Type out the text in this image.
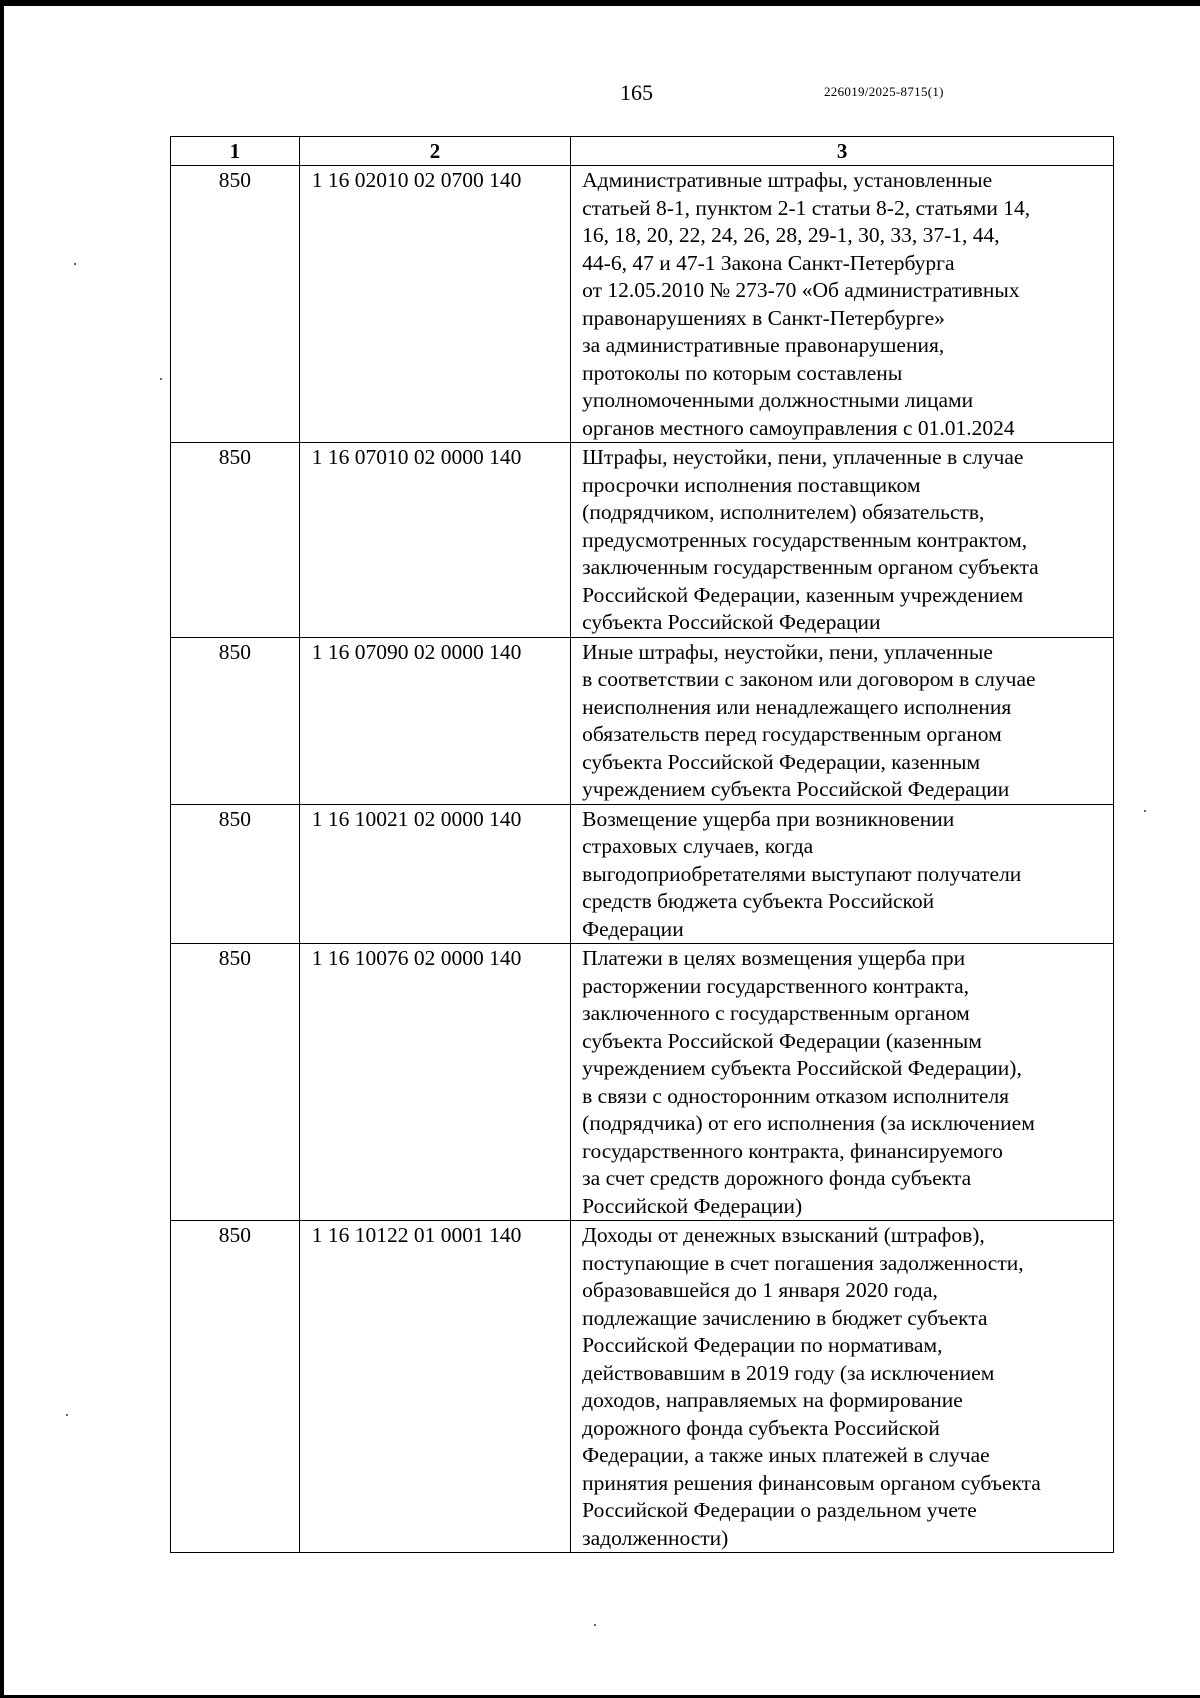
165	226019/2025-8715(1)
1	2	3
850	1 16 02010 02 0700 140	Административные штрафы, установленные
статьей 8-1, пунктом 2-1 статьи 8-2, статьями 14,
16, 18, 20, 22, 24, 26, 28, 29-1, 30, 33, 37-1, 44,
44-6, 47 и 47-1 Закона Санкт-Петербурга
от 12.05.2010 № 273-70 «Об административных
правонарушениях в Санкт-Петербурге»
за административные правонарушения,
протоколы по которым составлены
уполномоченными должностными лицами
органов местного самоуправления с 01.01.2024
850	1 16 07010 02 0000 140	Штрафы, неустойки, пени, уплаченные в случае
просрочки исполнения поставщиком
(подрядчиком, исполнителем) обязательств,
предусмотренных государственным контрактом,
заключенным государственным органом субъекта
Российской Федерации, казенным учреждением
субъекта Российской Федерации
850	1 16 07090 02 0000 140	Иные штрафы, неустойки, пени, уплаченные
в соответствии с законом или договором в случае
неисполнения или ненадлежащего исполнения
обязательств перед государственным органом
субъекта Российской Федерации, казенным
учреждением субъекта Российской Федерации
850	1 16 10021 02 0000 140	Возмещение ущерба при возникновении
страховых случаев, когда
выгодоприобретателями выступают получатели
средств бюджета субъекта Российской
Федерации
850	1 16 10076 02 0000 140	Платежи в целях возмещения ущерба при
расторжении государственного контракта,
заключенного с государственным органом
субъекта Российской Федерации (казенным
учреждением субъекта Российской Федерации),
в связи с односторонним отказом исполнителя
(подрядчика) от его исполнения (за исключением
государственного контракта, финансируемого
за счет средств дорожного фонда субъекта
Российской Федерации)
850	1 16 10122 01 0001 140	Доходы от денежных взысканий (штрафов),
поступающие в счет погашения задолженности,
образовавшейся до 1 января 2020 года,
подлежащие зачислению в бюджет субъекта
Российской Федерации по нормативам,
действовавшим в 2019 году (за исключением
доходов, направляемых на формирование
дорожного фонда субъекта Российской
Федерации, а также иных платежей в случае
принятия решения финансовым органом субъекта
Российской Федерации о раздельном учете
задолженности)
